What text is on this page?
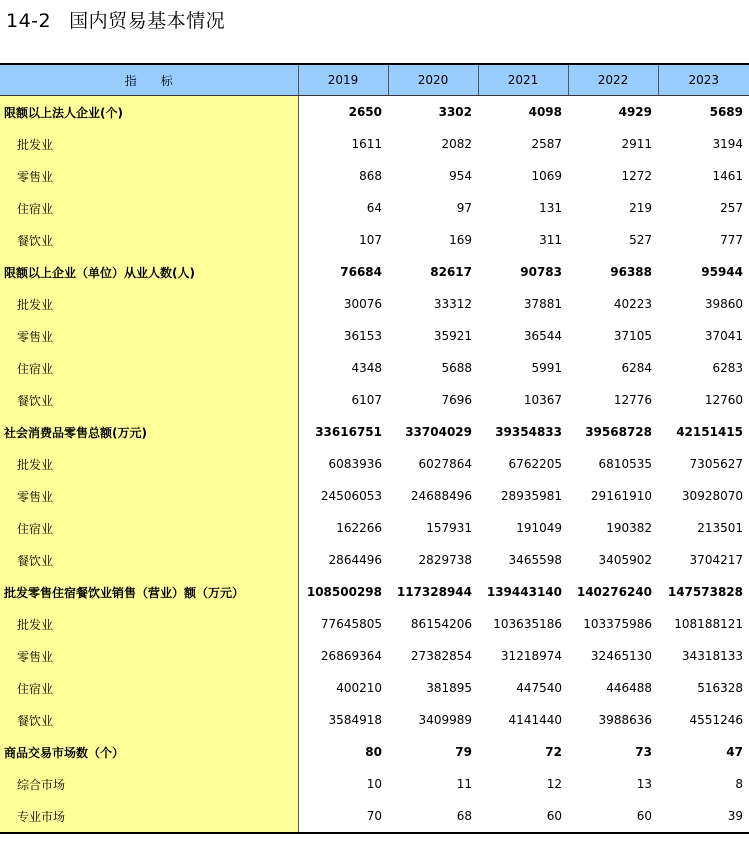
14-2 国内贸易基本情况
指　　标	2019	2020	2021	2022	2023
限额以上法人企业(个)	2650	3302	4098	4929	5689
批发业	1611	2082	2587	2911	3194
零售业	868	954	1069	1272	1461
住宿业	64	97	131	219	257
餐饮业	107	169	311	527	777
限额以上企业（单位）从业人数(人)	76684	82617	90783	96388	95944
批发业	30076	33312	37881	40223	39860
零售业	36153	35921	36544	37105	37041
住宿业	4348	5688	5991	6284	6283
餐饮业	6107	7696	10367	12776	12760
社会消费品零售总额(万元)	33616751	33704029	39354833	39568728	42151415
批发业	6083936	6027864	6762205	6810535	7305627
零售业	24506053	24688496	28935981	29161910	30928070
住宿业	162266	157931	191049	190382	213501
餐饮业	2864496	2829738	3465598	3405902	3704217
批发零售住宿餐饮业销售（营业）额（万元）	108500298	117328944	139443140	140276240	147573828
批发业	77645805	86154206	103635186	103375986	108188121
零售业	26869364	27382854	31218974	32465130	34318133
住宿业	400210	381895	447540	446488	516328
餐饮业	3584918	3409989	4141440	3988636	4551246
商品交易市场数（个）	80	79	72	73	47
综合市场	10	11	12	13	8
专业市场	70	68	60	60	39
